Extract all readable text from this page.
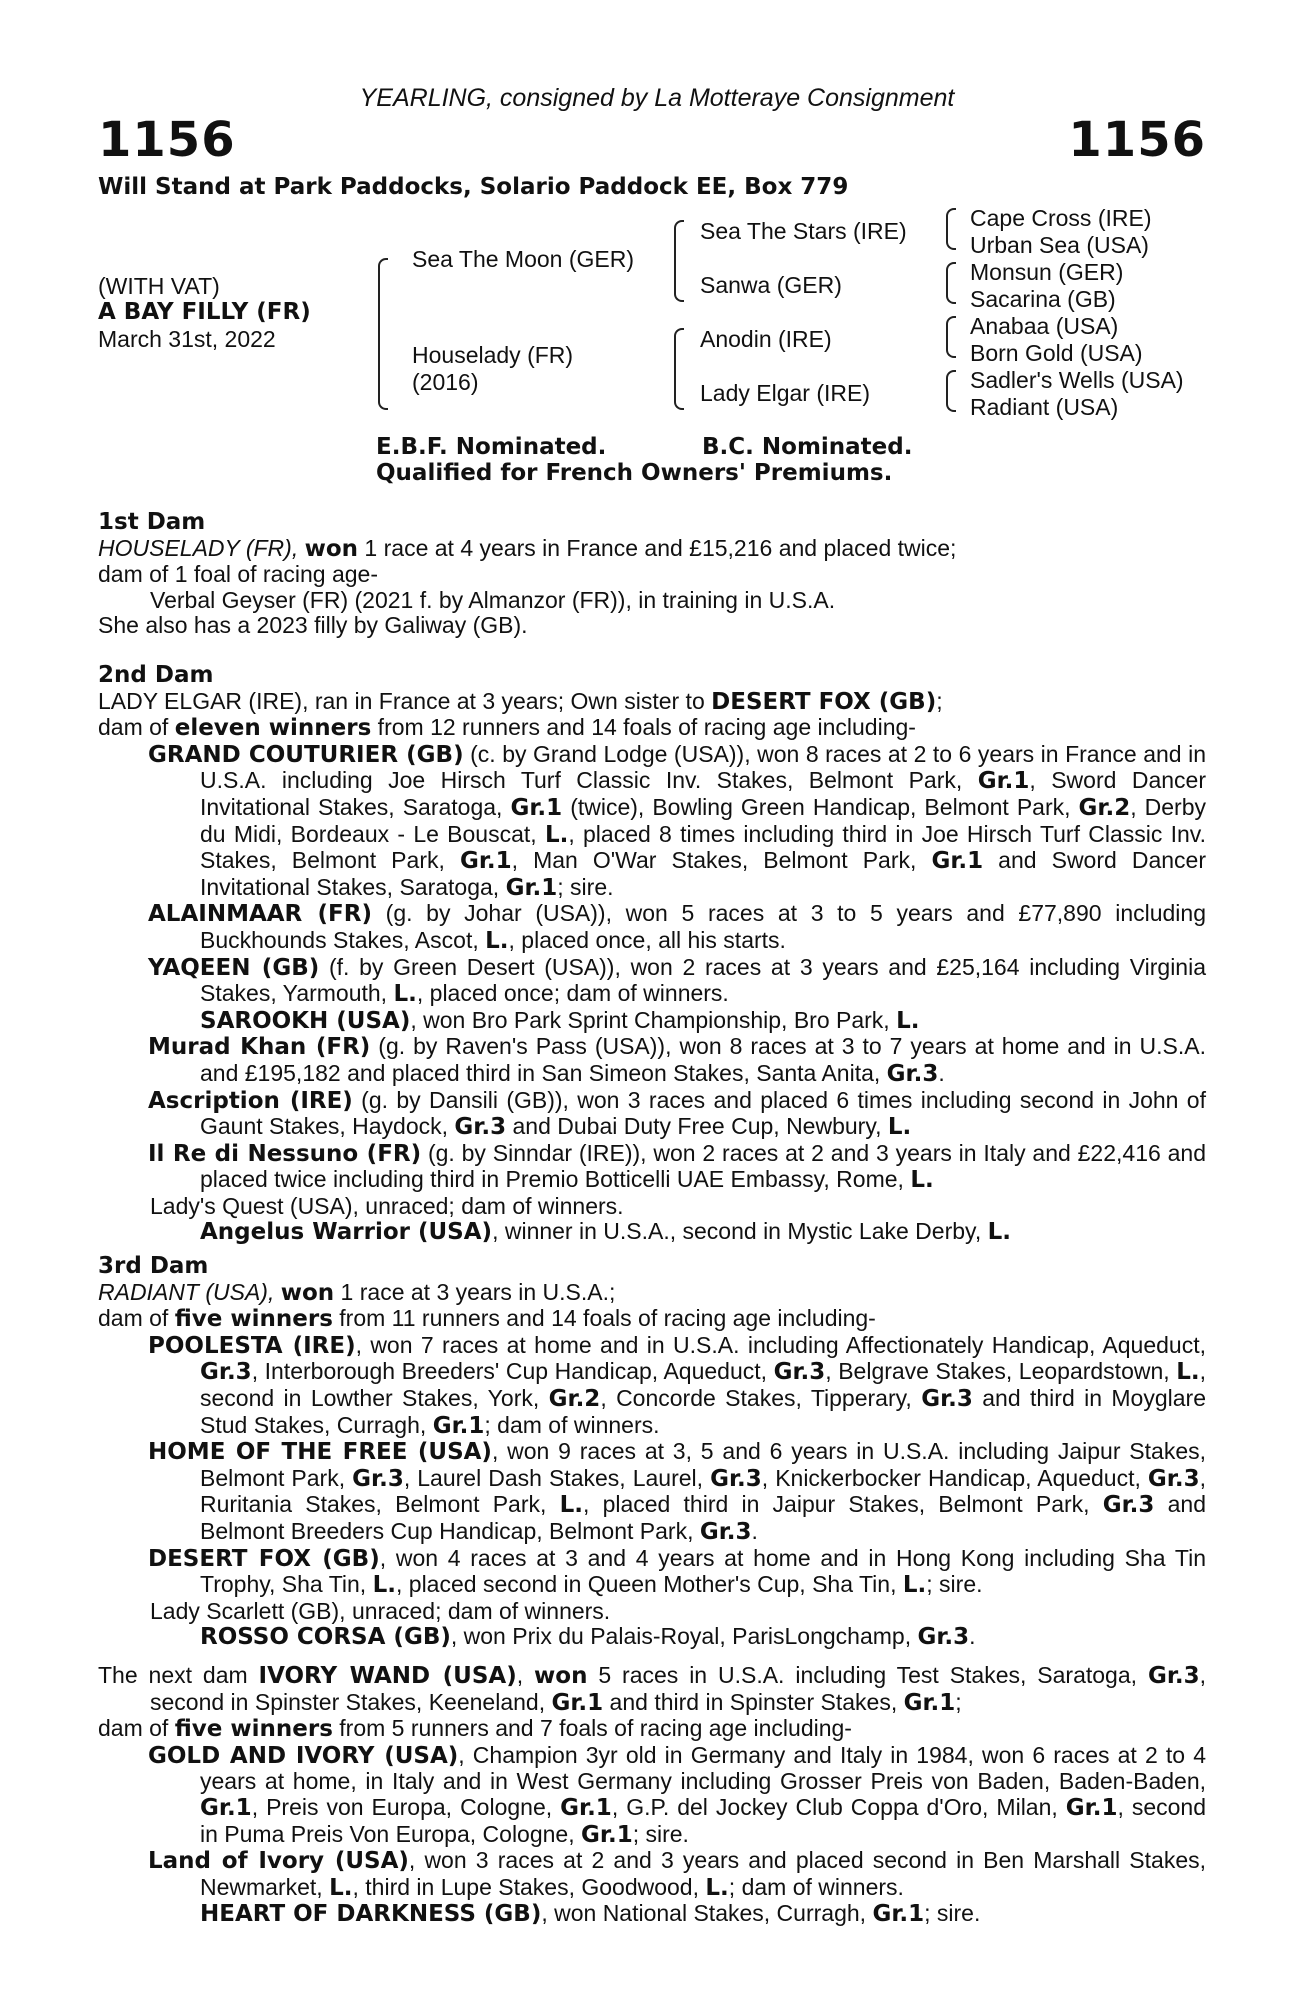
YEARLING, consigned by La Motteraye Consignment
1156	1156
Will Stand at Park Paddocks, Solario Paddock EE, Box 779
(WITH VAT)
A BAY FILLY (FR)
March 31st, 2022
Sea The Moon (GER)
Houselady (FR)
(2016)
Sea The Stars (IRE)
Sanwa (GER)
Anodin (IRE)
Lady Elgar (IRE)
Cape Cross (IRE)
Urban Sea (USA)
Monsun (GER)
Sacarina (GB)
Anabaa (USA)
Born Gold (USA)
Sadler's Wells (USA)
Radiant (USA)
E.B.F. Nominated.	B.C. Nominated.
Qualified for French Owners' Premiums.

1st Dam

HOUSELADY (FR), won 1 race at 4 years in France and £15,216 and placed twice;

dam of 1 foal of racing age-

Verbal Geyser (FR) (2021 f. by Almanzor (FR)), in training in U.S.A.

She also has a 2023 filly by Galiway (GB).

2nd Dam

LADY ELGAR (IRE), ran in France at 3 years; Own sister to DESERT FOX (GB);

dam of eleven winners from 12 runners and 14 foals of racing age including-

GRAND COUTURIER (GB) (c. by Grand Lodge (USA)), won 8 races at 2 to 6 years in France and in U.S.A. including Joe Hirsch Turf Classic Inv. Stakes, Belmont Park, Gr.1, Sword Dancer Invitational Stakes, Saratoga, Gr.1 (twice), Bowling Green Handicap, Belmont Park, Gr.2, Derby du Midi, Bordeaux - Le Bouscat, L., placed 8 times including third in Joe Hirsch Turf Classic Inv. Stakes, Belmont Park, Gr.1, Man O'War Stakes, Belmont Park, Gr.1 and Sword Dancer Invitational Stakes, Saratoga, Gr.1; sire.

ALAINMAAR (FR) (g. by Johar (USA)), won 5 races at 3 to 5 years and £77,890 including Buckhounds Stakes, Ascot, L., placed once, all his starts.

YAQEEN (GB) (f. by Green Desert (USA)), won 2 races at 3 years and £25,164 including Virginia Stakes, Yarmouth, L., placed once; dam of winners.

SAROOKH (USA), won Bro Park Sprint Championship, Bro Park, L.

Murad Khan (FR) (g. by Raven's Pass (USA)), won 8 races at 3 to 7 years at home and in U.S.A. and £195,182 and placed third in San Simeon Stakes, Santa Anita, Gr.3.

Ascription (IRE) (g. by Dansili (GB)), won 3 races and placed 6 times including second in John of Gaunt Stakes, Haydock, Gr.3 and Dubai Duty Free Cup, Newbury, L.

Il Re di Nessuno (FR) (g. by Sinndar (IRE)), won 2 races at 2 and 3 years in Italy and £22,416 and placed twice including third in Premio Botticelli UAE Embassy, Rome, L.

Lady's Quest (USA), unraced; dam of winners.

Angelus Warrior (USA), winner in U.S.A., second in Mystic Lake Derby, L.

3rd Dam

RADIANT (USA), won 1 race at 3 years in U.S.A.;

dam of five winners from 11 runners and 14 foals of racing age including-

POOLESTA (IRE), won 7 races at home and in U.S.A. including Affectionately Handicap, Aqueduct, Gr.3, Interborough Breeders' Cup Handicap, Aqueduct, Gr.3, Belgrave Stakes, Leopardstown, L., second in Lowther Stakes, York, Gr.2, Concorde Stakes, Tipperary, Gr.3 and third in Moyglare Stud Stakes, Curragh, Gr.1; dam of winners.

HOME OF THE FREE (USA), won 9 races at 3, 5 and 6 years in U.S.A. including Jaipur Stakes, Belmont Park, Gr.3, Laurel Dash Stakes, Laurel, Gr.3, Knickerbocker Handicap, Aqueduct, Gr.3, Ruritania Stakes, Belmont Park, L., placed third in Jaipur Stakes, Belmont Park, Gr.3 and Belmont Breeders Cup Handicap, Belmont Park, Gr.3.

DESERT FOX (GB), won 4 races at 3 and 4 years at home and in Hong Kong including Sha Tin Trophy, Sha Tin, L., placed second in Queen Mother's Cup, Sha Tin, L.; sire.

Lady Scarlett (GB), unraced; dam of winners.

ROSSO CORSA (GB), won Prix du Palais-Royal, ParisLongchamp, Gr.3.

The next dam IVORY WAND (USA), won 5 races in U.S.A. including Test Stakes, Saratoga, Gr.3, second in Spinster Stakes, Keeneland, Gr.1 and third in Spinster Stakes, Gr.1;

dam of five winners from 5 runners and 7 foals of racing age including-

GOLD AND IVORY (USA), Champion 3yr old in Germany and Italy in 1984, won 6 races at 2 to 4 years at home, in Italy and in West Germany including Grosser Preis von Baden, Baden-Baden, Gr.1, Preis von Europa, Cologne, Gr.1, G.P. del Jockey Club Coppa d'Oro, Milan, Gr.1, second in Puma Preis Von Europa, Cologne, Gr.1; sire.

Land of Ivory (USA), won 3 races at 2 and 3 years and placed second in Ben Marshall Stakes, Newmarket, L., third in Lupe Stakes, Goodwood, L.; dam of winners.

HEART OF DARKNESS (GB), won National Stakes, Curragh, Gr.1; sire.
